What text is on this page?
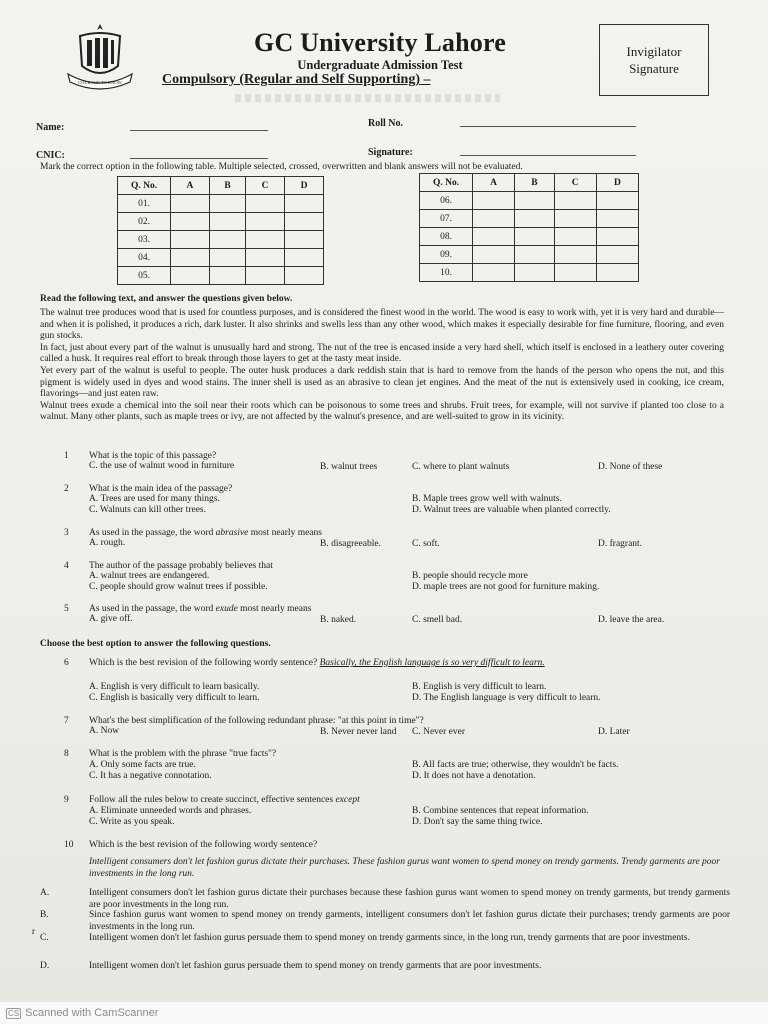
COURAGE TO KNOW
GC University Lahore
Undergraduate Admission Test
Compulsory (Regular and Self Supporting) –
Invigilator
Signature
Name:	Roll No.
CNIC:	Signature:
Mark the correct option in the following table. Multiple selected, crossed, overwritten and blank answers will not be evaluated.
Q. No.	A	B	C	D
01.				
02.				
03.				
04.				
05.				
Q. No.	A	B	C	D
06.				
07.				
08.				
09.				
10.				
Read the following text, and answer the questions given below.

The walnut tree produces wood that is used for countless purposes, and is considered the finest wood in the world. The wood is easy to work with, yet it is very hard and durable—and when it is polished, it produces a rich, dark luster. It also shrinks and swells less than any other wood, which makes it especially desirable for fine furniture, flooring, and even gun stocks.

In fact, just about every part of the walnut is unusually hard and strong. The nut of the tree is encased inside a very hard shell, which itself is enclosed in a leathery outer covering called a husk. It requires real effort to break through those layers to get at the tasty meat inside.

Yet every part of the walnut is useful to people. The outer husk produces a dark reddish stain that is hard to remove from the hands of the person who opens the nut, and this pigment is widely used in dyes and wood stains. The inner shell is used as an abrasive to clean jet engines. And the meat of the nut is extensively used in cooking, ice cream, flavorings—and just eaten raw.

Walnut trees exude a chemical into the soil near their roots which can be poisonous to some trees and shrubs. Fruit trees, for example, will not survive if planted too close to a walnut. Many other plants, such as maple trees or ivy, are not affected by the walnut's presence, and are well-suited to grow in its vicinity.

1 What is the topic of this passage?
C. the use of walnut wood in furniture	B. walnut trees	C. where to plant walnuts	D. None of these
2 What is the main idea of the passage?
A. Trees are used for many things.	B. Maple trees grow well with walnuts.
C. Walnuts can kill other trees.	D. Walnut trees are valuable when planted correctly.
3 As used in the passage, the word abrasive most nearly means
A. rough.	B. disagreeable.	C. soft.	D. fragrant.
4 The author of the passage probably believes that
A. walnut trees are endangered.	B. people should recycle more
C. people should grow walnut trees if possible.	D. maple trees are not good for furniture making.
5 As used in the passage, the word exude most nearly means
A. give off.	B. naked.	C. smell bad.	D. leave the area.
6 Which is the best revision of the following wordy sentence? Basically, the English language is so very difficult to learn.
A. English is very difficult to learn basically.	B. English is very difficult to learn.
C. English is basically very difficult to learn.	D. The English language is very difficult to learn.
7 What's the best simplification of the following redundant phrase: "at this point in time"?
A. Now	B. Never never land C. Never ever	D. Later
8 What is the problem with the phrase "true facts"?
A. Only some facts are true.	B. All facts are true; otherwise, they wouldn't be facts.
C. It has a negative connotation.	D. It does not have a denotation.
9 Follow all the rules below to create succinct, effective sentences except
A. Eliminate unneeded words and phrases.	B. Combine sentences that repeat information.
C. Write as you speak.	D. Don't say the same thing twice.
10 Which is the best revision of the following wordy sentence?
Intelligent consumers don't let fashion gurus dictate their purchases. These fashion gurus want women to spend money on trendy garments. Trendy garments are poor investments in the long run.
A.	Intelligent consumers don't let fashion gurus dictate their purchases because these fashion gurus want women to spend money on trendy garments, but trendy garments are poor investments in the long run.
B.	Since fashion gurus want women to spend money on trendy garments, intelligent consumers don't let fashion gurus dictate their purchases; trendy garments are poor investments in the long run.
C.	Intelligent women don't let fashion gurus persuade them to spend money on trendy garments since, in the long run, trendy garments that are poor investments.
D.	Intelligent women don't let fashion gurus persuade them to spend money on trendy garments that are poor investments.
Choose the best option to answer the following questions.
r
CS Scanned with CamScanner
